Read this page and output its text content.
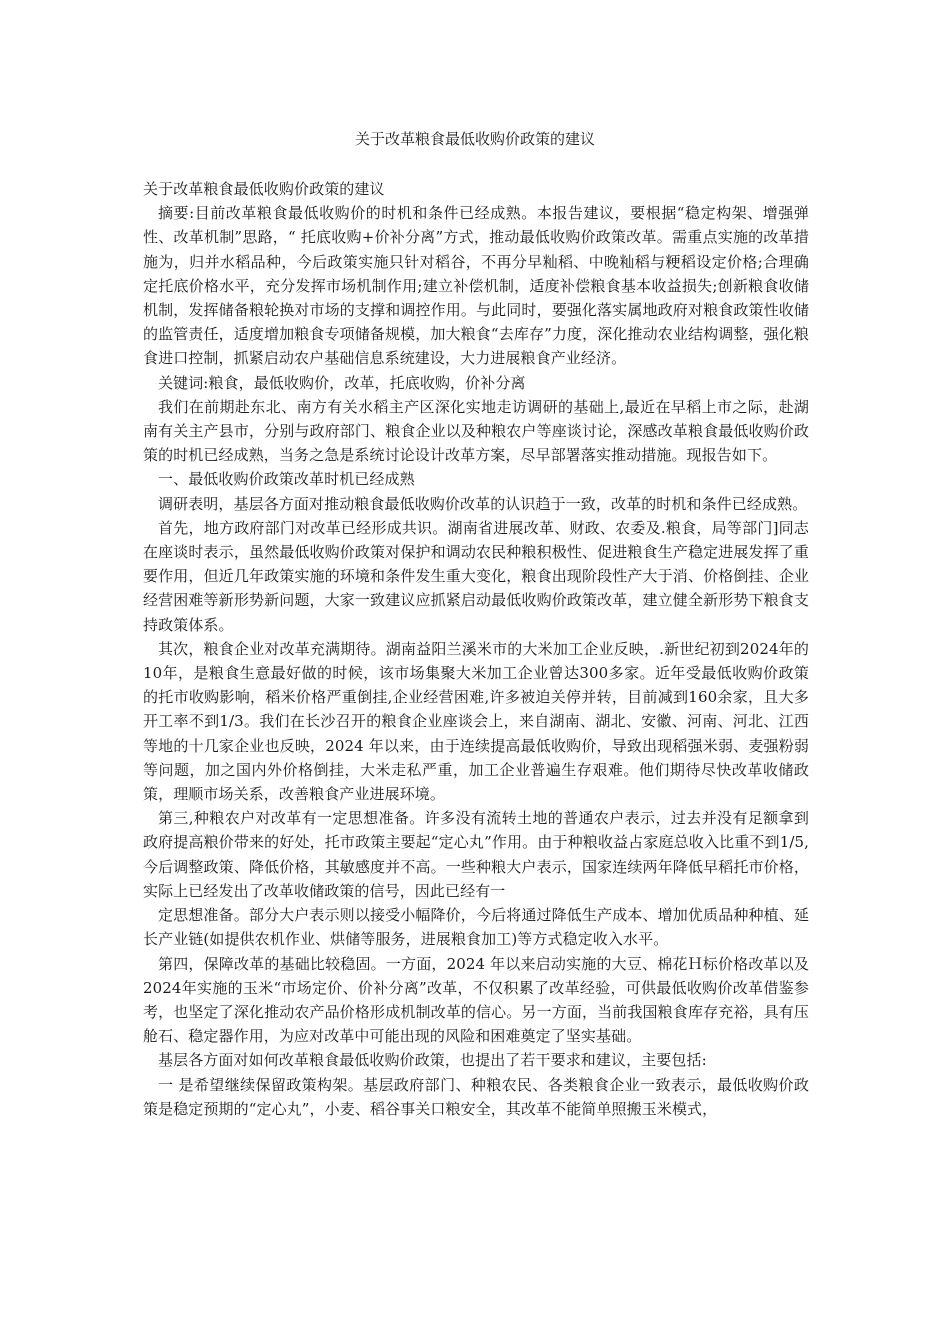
关于改革粮食最低收购价政策的建议

关于改革粮食最低收购价政策的建议

摘要:目前改革粮食最低收购价的时机和条件已经成熟。本报告建议，要根据“稳定构架、增强弹性、改革机制”思路，“ 托底收购+价补分离”方式，推动最低收购价政策改革。需重点实施的改革措施为，归并水稻品种，今后政策实施只针对稻谷，不再分早籼稻、中晚籼稻与粳稻设定价格;合理确定托底价格水平，充分发挥市场机制作用;建立补偿机制，适度补偿粮食基本收益损失;创新粮食收储机制，发挥储备粮轮换对市场的支撑和调控作用。与此同时，要强化落实属地政府对粮食政策性收储的监管责任，适度增加粮食专项储备规模，加大粮食“去库存”力度，深化推动农业结构调整，强化粮食进口控制，抓紧启动农户基础信息系统建设，大力进展粮食产业经济。

关键词:粮食，最低收购价，改革，托底收购，价补分离

我们在前期赴东北、南方有关水稻主产区深化实地走访调研的基础上,最近在早稻上市之际，赴湖南有关主产县市，分别与政府部门、粮食企业以及种粮农户等座谈讨论，深感改革粮食最低收购价政策的时机已经成熟，当务之急是系统讨论设计改革方案，尽早部署落实推动措施。现报告如下。

一、最低收购价政策改革时机已经成熟

调研表明，基层各方面对推动粮食最低收购价改革的认识趋于一致，改革的时机和条件已经成熟。

首先，地方政府部门对改革已经形成共识。湖南省进展改革、财政、农委及.粮食，局等部门]同志在座谈时表示，虽然最低收购价政策对保护和调动农民种粮积极性、促进粮食生产稳定进展发挥了重要作用，但近几年政策实施的环境和条件发生重大变化，粮食出现阶段性产大于消、价格倒挂、企业经营困难等新形势新问题，大家一致建议应抓紧启动最低收购价政策改革，建立健全新形势下粮食支持政策体系。

其次，粮食企业对改革充满期待。湖南益阳兰溪米市的大米加工企业反映，.新世纪初到2024年的10年，是粮食生意最好做的时候，该市场集聚大米加工企业曾达300多家。近年受最低收购价政策的托市收购影响，稻米价格严重倒挂,企业经营困难,许多被迫关停并转，目前减到160余家，且大多开工率不到1/3。我们在长沙召开的粮食企业座谈会上，来自湖南、湖北、安徽、河南、河北、江西等地的十几家企业也反映，2024 年以来，由于连续提高最低收购价，导致出现稻强米弱、麦强粉弱等问题，加之国内外价格倒挂，大米走私严重，加工企业普遍生存艰难。他们期待尽快改革收储政策，理顺市场关系，改善粮食产业进展环境。

第三,种粮农户对改革有一定思想准备。许多没有流转土地的普通农户表示，过去并没有足额拿到政府提高粮价带来的好处，托市政策主要起“定心丸”作用。由于种粮收益占家庭总收入比重不到1/5,今后调整政策、降低价格，其敏感度并不高。一些种粮大户表示，国家连续两年降低早稻托市价格，实际上已经发出了改革收储政策的信号，因此已经有一

定思想准备。部分大户表示则以接受小幅降价，今后将通过降低生产成本、增加优质品种种植、延长产业链(如提供农机作业、烘储等服务，进展粮食加工)等方式稳定收入水平。

第四，保障改革的基础比较稳固。一方面，2024 年以来启动实施的大豆、棉花Ｈ标价格改革以及2024年实施的玉米“市场定价、价补分离”改革，不仅积累了改革经验，可供最低收购价改革借鉴参考，也坚定了深化推动农产品价格形成机制改革的信心。另一方面，当前我国粮食库存充裕，具有压舱石、稳定器作用，为应对改革中可能出现的风险和困难奠定了坚实基础。

基层各方面对如何改革粮食最低收购价政策，也提出了若干要求和建议，主要包括:

一 是希望继续保留政策构架。基层政府部门、种粮农民、各类粮食企业一致表示，最低收购价政策是稳定预期的“定心丸”，小麦、稻谷事关口粮安全，其改革不能简单照搬玉米模式，
